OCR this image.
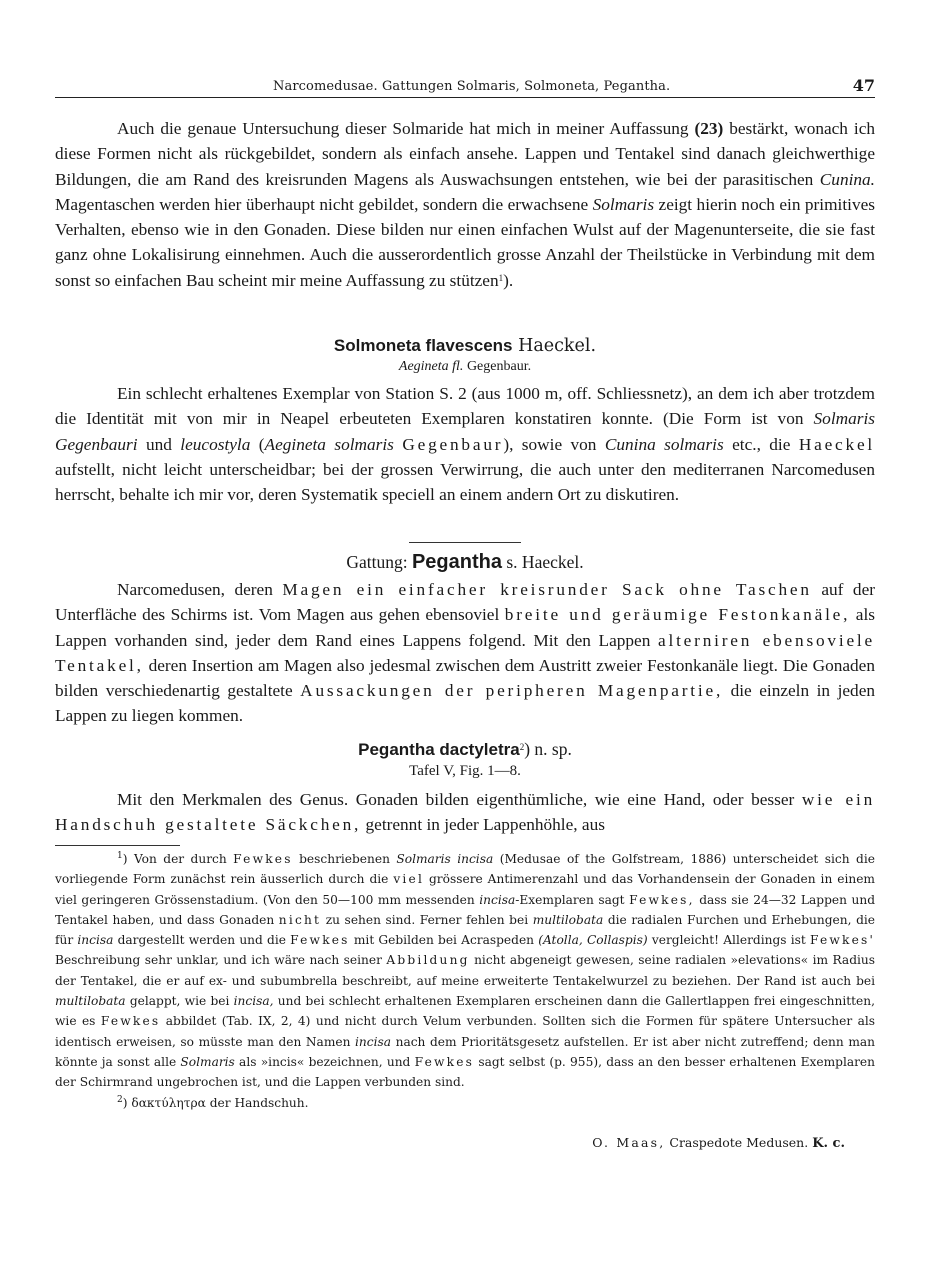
Narcomedusae. Gattungen Solmaris, Solmoneta, Pegantha.	47

Auch die genaue Untersuchung dieser Solmaride hat mich in meiner Auffassung (23) bestärkt, wonach ich diese Formen nicht als rückgebildet, sondern als einfach ansehe. Lappen und Tentakel sind danach gleichwerthige Bildungen, die am Rand des kreisrunden Magens als Auswachsungen entstehen, wie bei der parasitischen Cunina. Magentaschen werden hier überhaupt nicht gebildet, sondern die erwachsene Solmaris zeigt hierin noch ein primitives Verhalten, ebenso wie in den Gonaden. Diese bilden nur einen einfachen Wulst auf der Magenunterseite, die sie fast ganz ohne Lokalisirung einnehmen. Auch die ausserordentlich grosse Anzahl der Theilstücke in Verbindung mit dem sonst so einfachen Bau scheint mir meine Auffassung zu stützen$^1$).

Solmoneta flavescens Haeckel.
Aegineta fl. Gegenbaur.

Ein schlecht erhaltenes Exemplar von Station S. 2 (aus 1000 m, off. Schliessnetz), an dem ich aber trotzdem die Identität mit von mir in Neapel erbeuteten Exemplaren konstatiren konnte. (Die Form ist von Solmaris Gegenbauri und leucostyla (Aegineta solmaris Gegenbaur), sowie von Cunina solmaris etc., die Haeckel aufstellt, nicht leicht unterscheidbar; bei der grossen Verwirrung, die auch unter den mediterranen Narcomedusen herrscht, behalte ich mir vor, deren Systematik speciell an einem andern Ort zu diskutiren.

Gattung: Pegantha s. Haeckel.

Narcomedusen, deren Magen ein einfacher kreisrunder Sack ohne Taschen auf der Unterfläche des Schirms ist. Vom Magen aus gehen ebensoviel breite und geräumige Festonkanäle, als Lappen vorhanden sind, jeder dem Rand eines Lappens folgend. Mit den Lappen alterniren ebensoviele Tentakel, deren Insertion am Magen also jedesmal zwischen dem Austritt zweier Festonkanäle liegt. Die Gonaden bilden verschiedenartig gestaltete Aussackungen der peripheren Magenpartie, die einzeln in jeden Lappen zu liegen kommen.

Pegantha dactyletra$^2$) n. sp.
Tafel V, Fig. 1—8.

Mit den Merkmalen des Genus. Gonaden bilden eigenthümliche, wie eine Hand, oder besser wie ein Handschuh gestaltete Säckchen, getrennt in jeder Lappenhöhle, aus

$^1$) Von der durch Fewkes beschriebenen Solmaris incisa (Medusae of the Golfstream, 1886) unterscheidet sich die vorliegende Form zunächst rein äusserlich durch die viel grössere Antimerenzahl und das Vorhandensein der Gonaden in einem viel geringeren Grössenstadium. (Von den 50—100 mm messenden incisa-Exemplaren sagt Fewkes, dass sie 24—32 Lappen und Tentakel haben, und dass Gonaden nicht zu sehen sind. Ferner fehlen bei multilobata die radialen Furchen und Erhebungen, die für incisa dargestellt werden und die Fewkes mit Gebilden bei Acraspeden (Atolla, Collaspis) vergleicht! Allerdings ist Fewkes' Beschreibung sehr unklar, und ich wäre nach seiner Abbildung nicht abgeneigt gewesen, seine radialen »elevations« im Radius der Tentakel, die er auf ex- und subumbrella beschreibt, auf meine erweiterte Tentakelwurzel zu beziehen. Der Rand ist auch bei multilobata gelappt, wie bei incisa, und bei schlecht erhaltenen Exemplaren erscheinen dann die Gallertlappen frei eingeschnitten, wie es Fewkes abbildet (Tab. IX, 2, 4) und nicht durch Velum verbunden. Sollten sich die Formen für spätere Untersucher als identisch erweisen, so müsste man den Namen incisa nach dem Prioritätsgesetz aufstellen. Er ist aber nicht zutreffend; denn man könnte ja sonst alle Solmaris als »incis« bezeichnen, und Fewkes sagt selbst (p. 955), dass an den besser erhaltenen Exemplaren der Schirmrand ungebrochen ist, und die Lappen verbunden sind.

$^2$) δακτύλητρα der Handschuh.

O. Maas, Craspedote Medusen. K. c.
